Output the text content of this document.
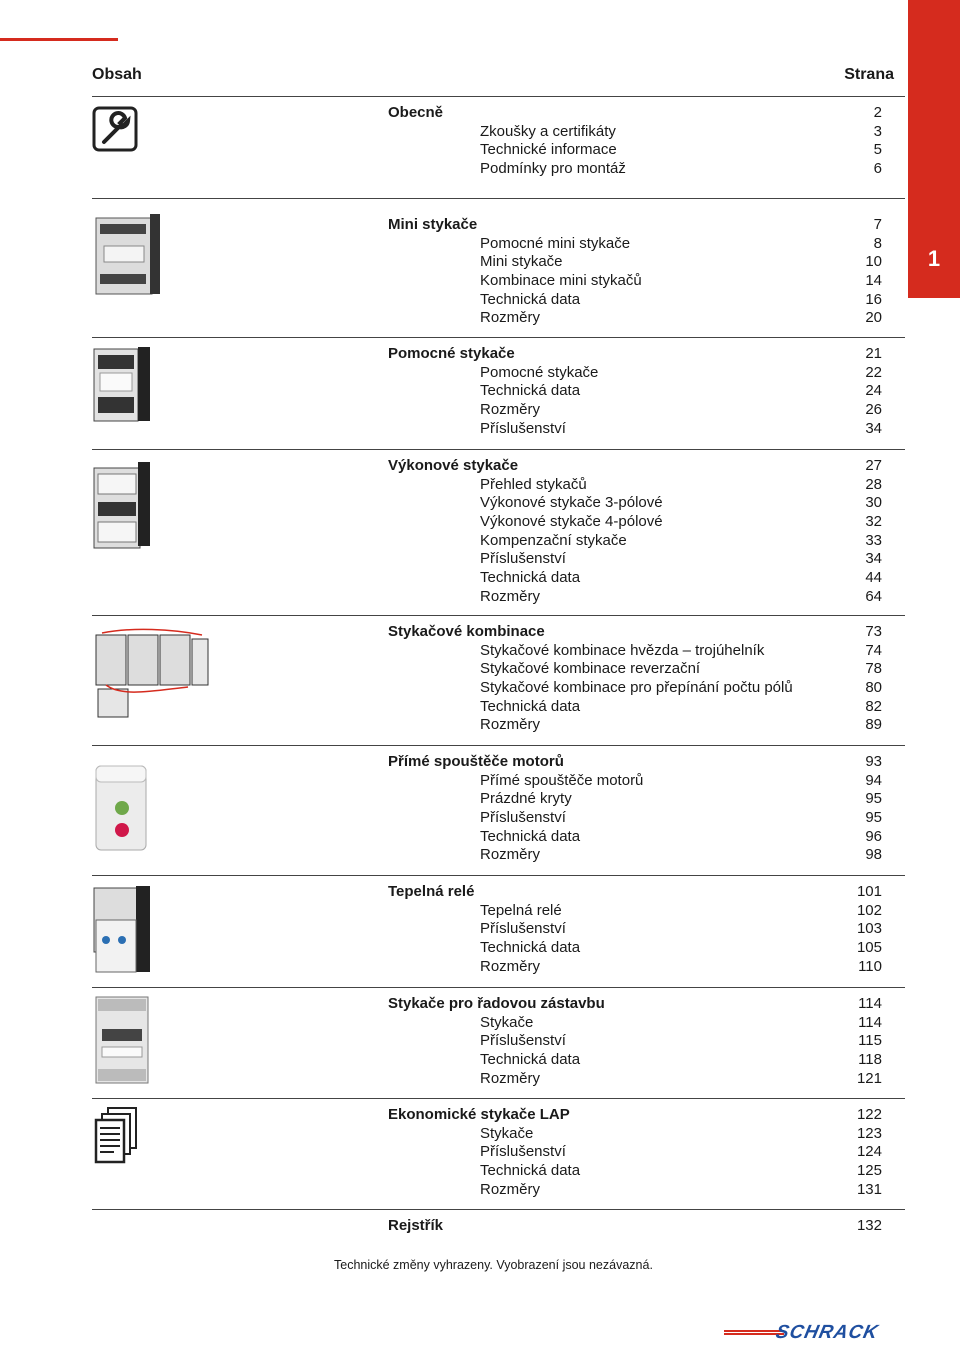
1
Obsah	Strana
Obecně	2
Zkoušky a certifikáty	3
Technické informace	5
Podmínky pro montáž	6
Mini stykače	7
Pomocné mini stykače	8
Mini stykače	10
Kombinace mini stykačů	14
Technická data	16
Rozměry	20
Pomocné stykače	21
Pomocné stykače	22
Technická data	24
Rozměry	26
Příslušenství	34
Výkonové stykače	27
Přehled stykačů	28
Výkonové stykače 3-pólové	30
Výkonové stykače 4-pólové	32
Kompenzační stykače	33
Příslušenství	34
Technická data	44
Rozměry	64
Stykačové kombinace	73
Stykačové kombinace hvězda – trojúhelník	74
Stykačové kombinace reverzační	78
Stykačové kombinace pro přepínání počtu pólů	80
Technická data	82
Rozměry	89
Přímé spouštěče motorů	93
Přímé spouštěče motorů	94
Prázdné kryty	95
Příslušenství	95
Technická data	96
Rozměry	98
Tepelná relé	101
Tepelná relé	102
Příslušenství	103
Technická data	105
Rozměry	110
Stykače pro řadovou zástavbu	114
Stykače	114
Příslušenství	115
Technická data	118
Rozměry	121
Ekonomické stykače LAP	122
Stykače	123
Příslušenství	124
Technická data	125
Rozměry	131
Rejstřík	132
Technické změny vyhrazeny. Vyobrazení jsou nezávazná.
SCHRACK
